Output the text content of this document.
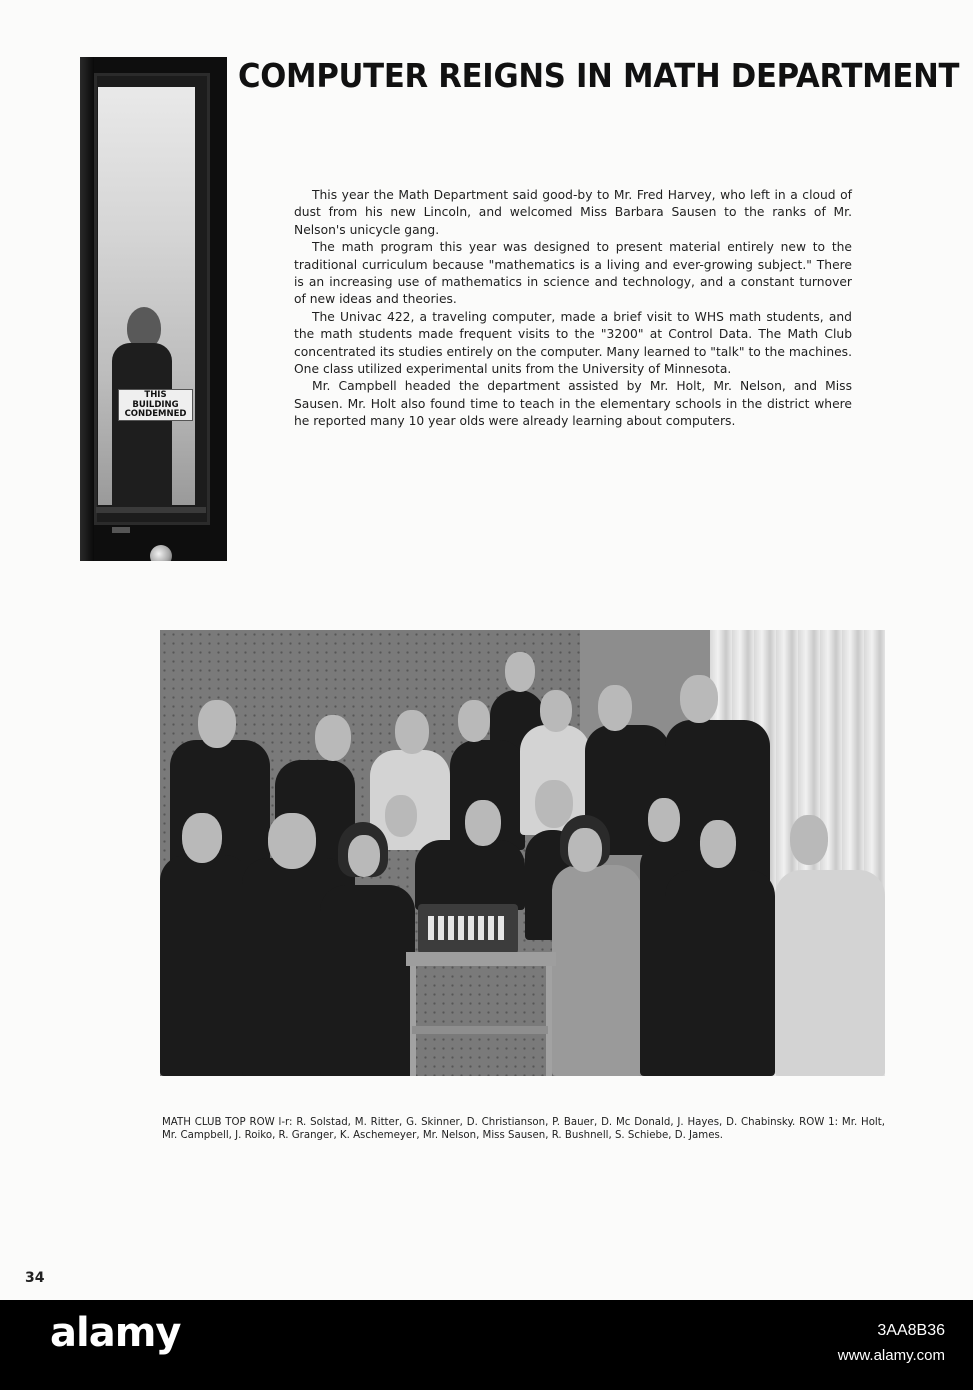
THIS
BUILDING
CONDEMNED
COMPUTER REIGNS IN MATH DEPARTMENT

This year the Math Department said good-by to Mr. Fred Harvey, who left in a cloud of dust from his new Lincoln, and welcomed Miss Barbara Sausen to the ranks of Mr. Nelson's unicycle gang.

The math program this year was designed to present material entirely new to the traditional curriculum because "mathematics is a living and ever-growing subject." There is an increasing use of mathematics in science and technology, and a constant turnover of new ideas and theories.

The Univac 422, a traveling computer, made a brief visit to WHS math students, and the math students made frequent visits to the "3200" at Control Data. The Math Club concentrated its studies entirely on the computer. Many learned to "talk" to the machines. One class utilized experimental units from the University of Minnesota.

Mr. Campbell headed the department assisted by Mr. Holt, Mr. Nelson, and Miss Sausen. Mr. Holt also found time to teach in the elementary schools in the district where he reported many 10 year olds were already learning about computers.

MATH CLUB TOP ROW l-r: R. Solstad, M. Ritter, G. Skinner, D. Christianson, P. Bauer, D. Mc Donald, J. Hayes, D. Chabinsky. ROW 1: Mr. Holt, Mr. Campbell, J. Roiko, R. Granger, K. Aschemeyer, Mr. Nelson, Miss Sausen, R. Bushnell, S. Schiebe, D. James.

34
alamy	3AA8B36
www.alamy.com
